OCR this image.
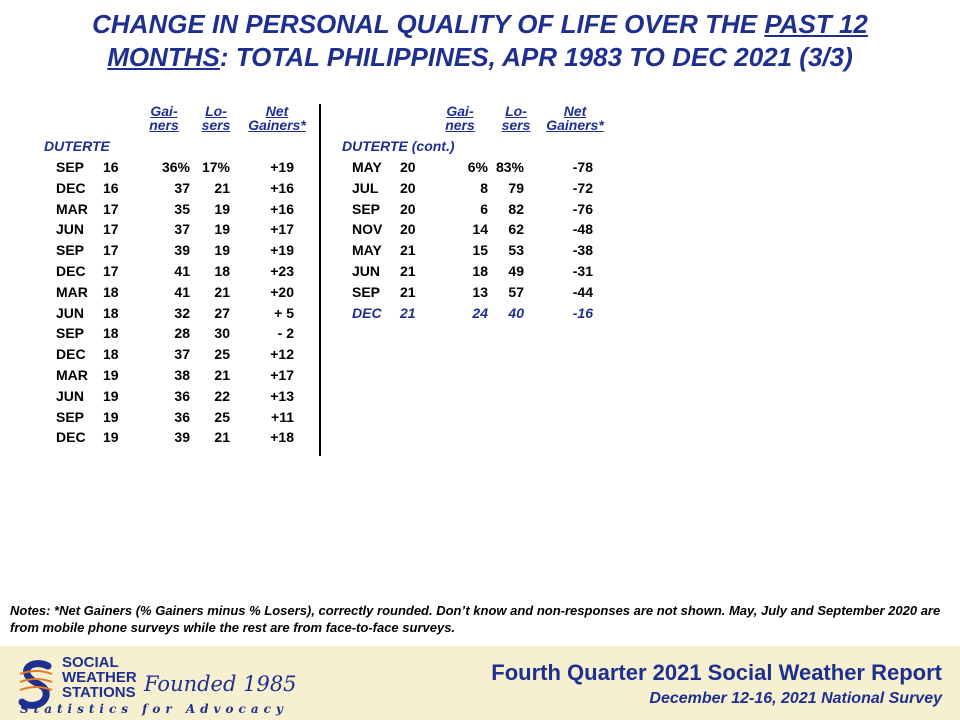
CHANGE IN PERSONAL QUALITY OF LIFE OVER THE PAST 12
MONTHS: TOTAL PHILIPPINES, APR 1983 TO DEC 2021 (3/3)
Gai-
ners
Lo-
sers
Net
Gainers*
Gai-
ners
Lo-
sers
Net
Gainers*
DUTERTE	DUTERTE (cont.)
SEP 16	36% 17%	+19
DEC 16	37 21	+16
MAR 17	35 19	+16
JUN 17	37 19	+17
SEP 17	39 19	+19
DEC 17	41 18	+23
MAR 18	41 21	+20
JUN 18	32 27	+ 5
SEP 18	28 30	- 2
DEC 18	37 25	+12
MAR 19	38 21	+17
JUN 19	36 22	+13
SEP 19	36 25	+11
DEC 19	39 21	+18
MAY 20	6% 83%	-78
JUL 20	8 79	-72
SEP 20	6 82	-76
NOV 20	14 62	-48
MAY 21	15 53	-38
JUN 21	18 49	-31
SEP 21	13 57	-44
DEC 21	24 40	-16
Notes: *Net Gainers (% Gainers minus % Losers), correctly rounded. Don’t know and non-responses are not shown. May, July and September 2020 are from mobile phone surveys while the rest are from face-to-face surveys.
SOCIAL
WEATHER
STATIONS Founded 1985
Statistics for Advocacy
Fourth Quarter 2021 Social Weather Report
December 12-16, 2021 National Survey
